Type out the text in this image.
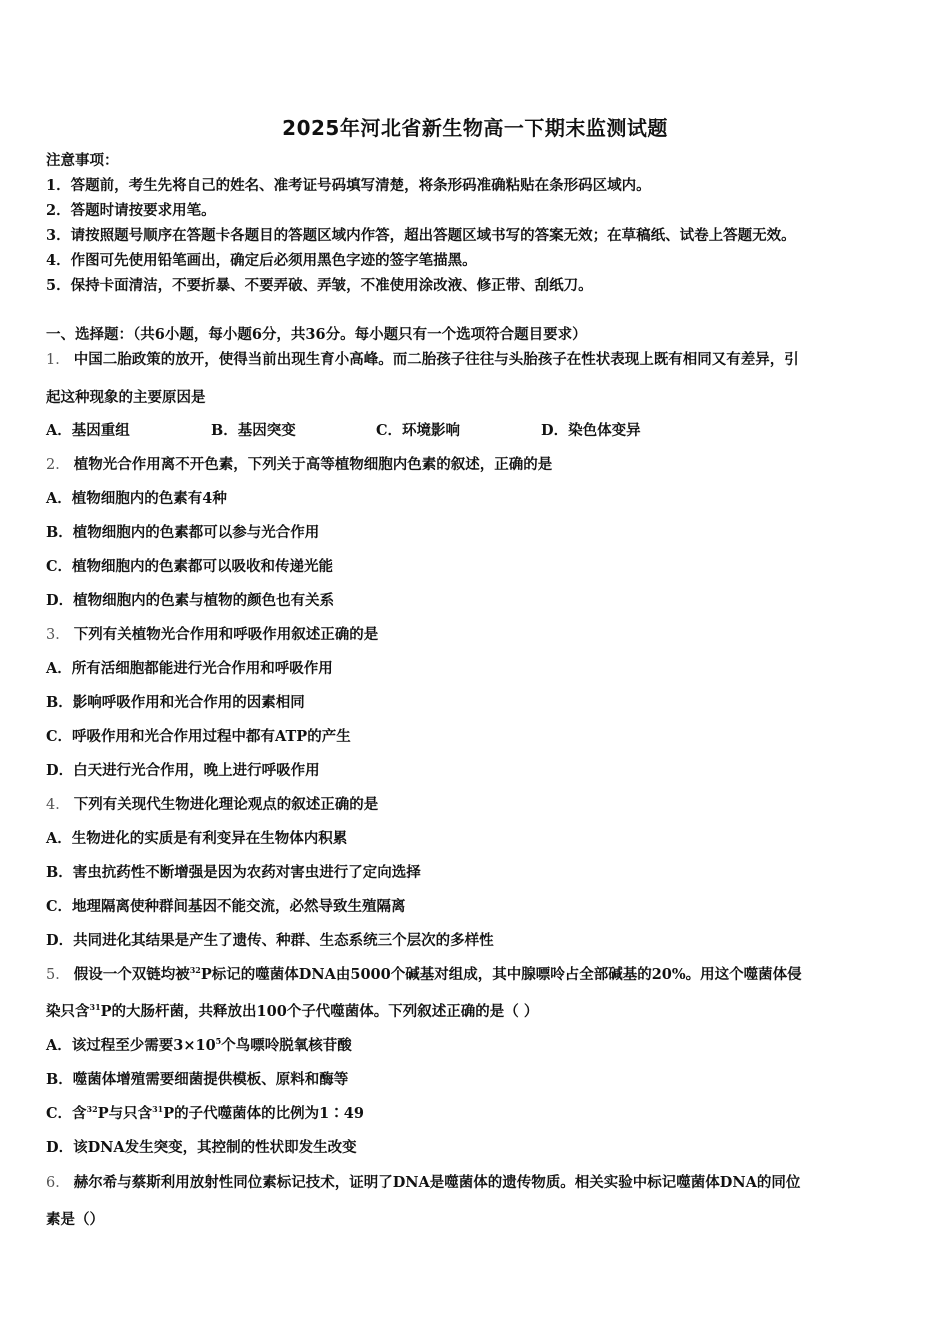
2025年河北省新生物高一下期末监测试题
注意事项：
1．答题前，考生先将自己的姓名、准考证号码填写清楚，将条形码准确粘贴在条形码区域内。
2．答题时请按要求用笔。
3．请按照题号顺序在答题卡各题目的答题区域内作答，超出答题区域书写的答案无效；在草稿纸、试卷上答题无效。
4．作图可先使用铅笔画出，确定后必须用黑色字迹的签字笔描黑。
5．保持卡面清洁，不要折暴、不要弄破、弄皱，不准使用涂改液、修正带、刮纸刀。
一、选择题：（共6小题，每小题6分，共36分。每小题只有一个选项符合题目要求）
1． 中国二胎政策的放开，使得当前出现生育小高峰。而二胎孩子往往与头胎孩子在性状表现上既有相同又有差异，引
起这种现象的主要原因是
A．基因重组	B．基因突变	C．环境影响	D．染色体变异
2． 植物光合作用离不开色素，下列关于高等植物细胞内色素的叙述，正确的是
A．植物细胞内的色素有4种
B．植物细胞内的色素都可以参与光合作用
C．植物细胞内的色素都可以吸收和传递光能
D．植物细胞内的色素与植物的颜色也有关系
3． 下列有关植物光合作用和呼吸作用叙述正确的是
A．所有活细胞都能进行光合作用和呼吸作用
B．影响呼吸作用和光合作用的因素相同
C．呼吸作用和光合作用过程中都有ATP的产生
D．白天进行光合作用，晚上进行呼吸作用
4． 下列有关现代生物进化理论观点的叙述正确的是
A．生物进化的实质是有利变异在生物体内积累
B．害虫抗药性不断增强是因为农药对害虫进行了定向选择
C．地理隔离使种群间基因不能交流，必然导致生殖隔离
D．共同进化其结果是产生了遗传、种群、生态系统三个层次的多样性
5． 假设一个双链均被$^{32}$P标记的噬菌体DNA由5000个碱基对组成，其中腺嘌呤占全部碱基的20%。用这个噬菌体侵
染只含$^{31}$P的大肠杆菌，共释放出100个子代噬菌体。下列叙述正确的是（ ）
A．该过程至少需要$3\times 10^5$个鸟嘌呤脱氧核苷酸
B．噬菌体增殖需要细菌提供模板、原料和酶等
C．含$^{32}$P与只含$^{31}$P的子代噬菌体的比例为1∶49
D．该DNA发生突变，其控制的性状即发生改变
6． 赫尔希与蔡斯利用放射性同位素标记技术，证明了DNA是噬菌体的遗传物质。相关实验中标记噬菌体DNA的同位
素是（）
